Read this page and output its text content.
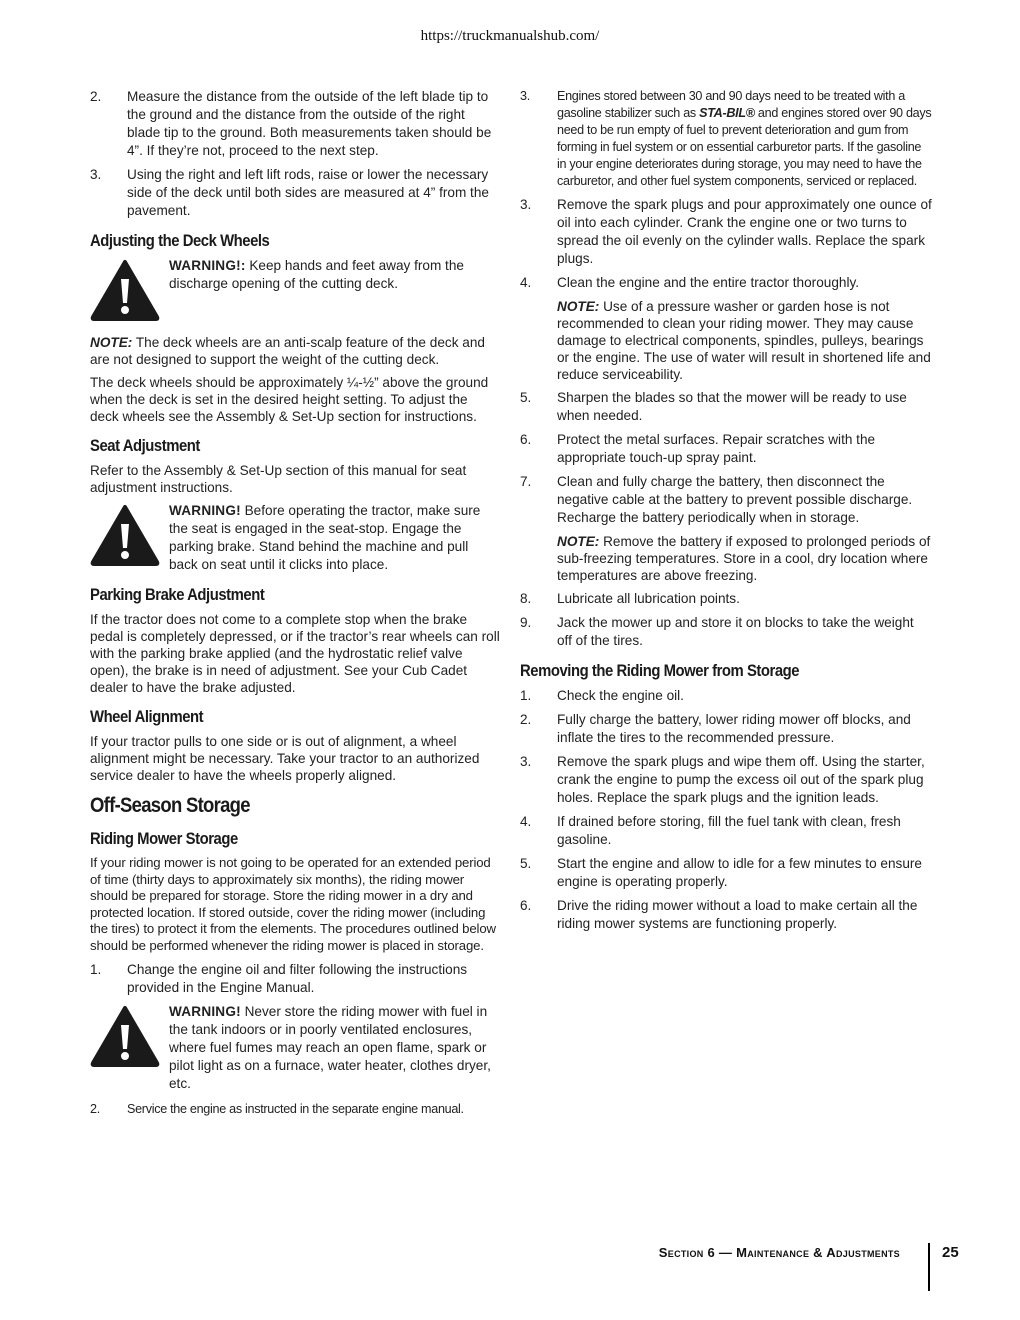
https://truckmanualshub.com/
2.	Measure the distance from the outside of the left blade tip to the ground and the distance from the outside of the right blade tip to the ground. Both measurements taken should be 4”. If they’re not, proceed to the next step.
3.	Using the right and left lift rods, raise or lower the necessary side of the deck until both sides are measured at 4” from the pavement.
Adjusting the Deck Wheels
WARNING!: Keep hands and feet away from the discharge opening of the cutting deck.

NOTE: The deck wheels are an anti-scalp feature of the deck and are not designed to support the weight of the cutting deck.

The deck wheels should be approximately ¼-½” above the ground when the deck is set in the desired height setting. To adjust the deck wheels see the Assembly & Set-Up section for instructions.

Seat Adjustment

Refer to the Assembly & Set-Up section of this manual for seat adjustment instructions.

WARNING! Before operating the tractor, make sure the seat is engaged in the seat-stop. Engage the parking brake. Stand behind the machine and pull back on seat until it clicks into place.
Parking Brake Adjustment

If the tractor does not come to a complete stop when the brake pedal is completely depressed, or if the tractor’s rear wheels can roll with the parking brake applied (and the hydrostatic relief valve open), the brake is in need of adjustment. See your Cub Cadet dealer to have the brake adjusted.

Wheel Alignment

If your tractor pulls to one side or is out of alignment, a wheel alignment might be necessary. Take your tractor to an authorized service dealer to have the wheels properly aligned.

Off-Season Storage
Riding Mower Storage

If your riding mower is not going to be operated for an extended period of time (thirty days to approximately six months), the riding mower should be prepared for storage. Store the riding mower in a dry and protected location. If stored outside, cover the riding mower (including the tires) to protect it from the elements. The procedures outlined below should be performed whenever the riding mower is placed in storage.

1.	Change the engine oil and filter following the instructions provided in the Engine Manual.
WARNING! Never store the riding mower with fuel in the tank indoors or in poorly ventilated enclosures, where fuel fumes may reach an open flame, spark or pilot light as on a furnace, water heater, clothes dryer, etc.
2.	Service the engine as instructed in the separate engine manual.
3.	Engines stored between 30 and 90 days need to be treated with a gasoline stabilizer such as STA-BIL® and engines stored over 90 days need to be run empty of fuel to prevent deterioration and gum from forming in fuel system or on essential carburetor parts. If the gasoline in your engine deteriorates during storage, you may need to have the carburetor, and other fuel system components, serviced or replaced.
3.	Remove the spark plugs and pour approximately one ounce of oil into each cylinder. Crank the engine one or two turns to spread the oil evenly on the cylinder walls. Replace the spark plugs.
4.	Clean the engine and the entire tractor thoroughly.

NOTE: Use of a pressure washer or garden hose is not recommended to clean your riding mower. They may cause damage to electrical components, spindles, pulleys, bearings or the engine. The use of water will result in shortened life and reduce serviceability.

5.	Sharpen the blades so that the mower will be ready to use when needed.
6.	Protect the metal surfaces. Repair scratches with the appropriate touch-up spray paint.
7.	Clean and fully charge the battery, then disconnect the negative cable at the battery to prevent possible discharge. Recharge the battery periodically when in storage.

NOTE: Remove the battery if exposed to prolonged periods of sub-freezing temperatures. Store in a cool, dry location where temperatures are above freezing.

8.	Lubricate all lubrication points.
9.	Jack the mower up and store it on blocks to take the weight off of the tires.
Removing the Riding Mower from Storage
1.	Check the engine oil.
2.	Fully charge the battery, lower riding mower off blocks, and inflate the tires to the recommended pressure.
3.	Remove the spark plugs and wipe them off. Using the starter, crank the engine to pump the excess oil out of the spark plug holes. Replace the spark plugs and the ignition leads.
4.	If drained before storing, fill the fuel tank with clean, fresh gasoline.
5.	Start the engine and allow to idle for a few minutes to ensure engine is operating properly.
6.	Drive the riding mower without a load to make certain all the riding mower systems are functioning properly.
Section 6 — Maintenance & Adjustments	25
